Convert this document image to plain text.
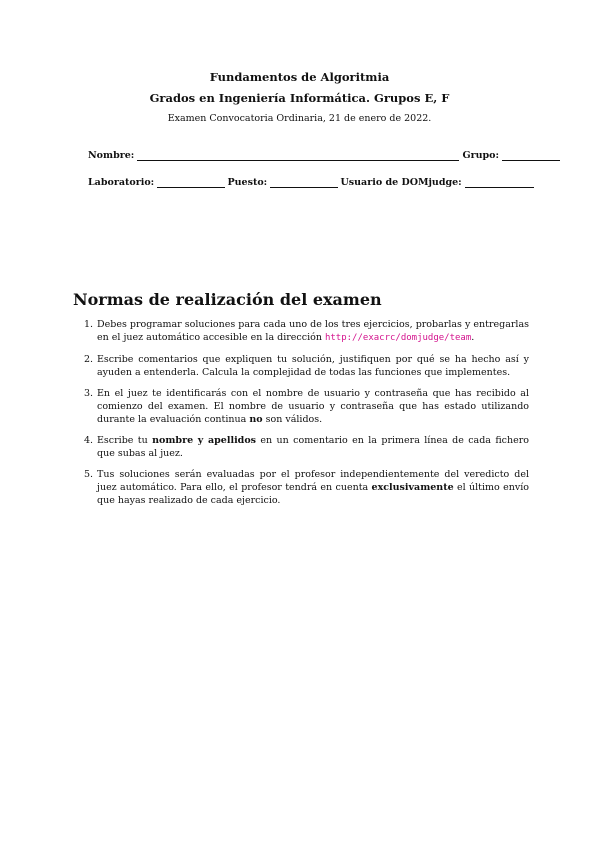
Fundamentos de Algoritmia
Grados en Ingeniería Informática. Grupos E, F
Examen Convocatoria Ordinaria, 21 de enero de 2022.
Nombre:	Grupo:
Laboratorio:	Puesto:	Usuario de DOMjudge:
Normas de realización del examen
1. Debes programar soluciones para cada uno de los tres ejercicios, probarlas y entregarlas en el juez automático accesible en la dirección http://exacrc/domjudge/team.
2. Escribe comentarios que expliquen tu solución, justifiquen por qué se ha hecho así y ayuden a entenderla. Calcula la complejidad de todas las funciones que implementes.
3. En el juez te identificarás con el nombre de usuario y contraseña que has recibido al comienzo del examen. El nombre de usuario y contraseña que has estado utilizando durante la evaluación continua no son válidos.
4. Escribe tu nombre y apellidos en un comentario en la primera línea de cada fichero que subas al juez.
5. Tus soluciones serán evaluadas por el profesor independientemente del veredicto del juez automático. Para ello, el profesor tendrá en cuenta exclusivamente el último envío que hayas realizado de cada ejercicio.
